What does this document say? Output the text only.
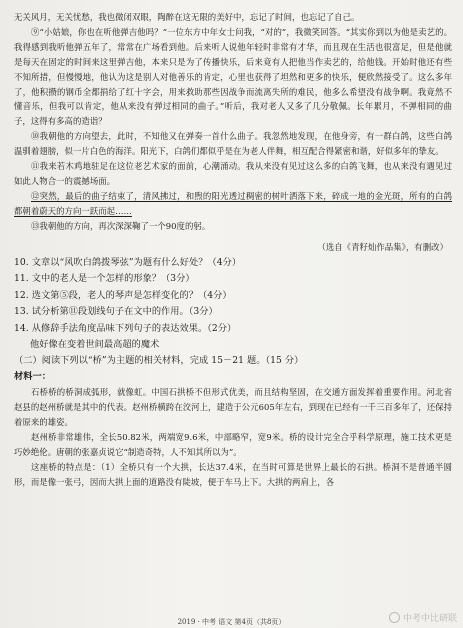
无关风月，无关忧愁，我也微闭双眼，陶醉在这无限的美好中，忘记了时间，也忘记了自己。

⑨“小姑娘，你也在听他弹吉他吗？”一位东方中年女士问我，“对的”，我微笑回答。“其实你到以为他是卖艺的。我得感到我听他弹五年了，常常在广场看到他。后来听人说他年轻时非常有才华，而且现在生活也很富足，但是他就是每天在固定的时间来这里弹吉他，本来只是为了传播快乐，后来竟有人把他当作卖艺的，给他钱。开始时他还有些不知所措，但慢慢地，他认为这是别人对他善乐的肯定，心里也获得了坦然和更多的快乐，便欣然接受了。这么多年了，他积攒的钢币全都捐给了红十字会，用来救助那些因战争而流离失所的难民，他多么希望没有战争啊。我竟然不懂音乐，但我可以肯定，他从来没有弹过相同的曲子。”听后，我对老人又多了几分敬佩。长年累月，不弹相同的曲子，这得有多高的造诣？

⑩我朝他的方向望去，此时，不知他又在弹奏一首什么曲子。我忽然地发现，在他身旁，有一群白鸽，这些白鸽温驯着翅膀，似一片白色的海洋。阳光下，白鸽们都似乎是在为老人伴舞，相互配合得紧密和谐，好似多年的挚友。

⑪我来若木鸡地驻足在这位老艺术家的面前，心潮涌动。我从来没有见过这么多的白鸽飞舞，也从来没有遇见过如此人物合一的震撼场面。

⑫突然，最后的曲子结束了，清风拂过，和煦的阳光透过稠密的树叶洒落下来，碎成一地的金光斑，所有的白鸽都朝着蔚天的方向一跃而起……

⑬我朝他的方向，再次深深鞠了一个90度的躬。

（选自《青籽灿作品集》，有删改）

10. 文章以“风吹白鸽拨琴弦”为题有什么好处？（4分）
11. 文中的老人是一个怎样的形象？（3分）
12. 选文第⑤段，老人的琴声是怎样变化的？（4分）
13. 试分析第⑪段划线句子在文中的作用。（3分）
14. 从修辞手法角度品味下列句子的表达效果。（2分）
他好像在变着世间最高超的魔术
（二）阅读下列以“桥”为主题的相关材料，完成 15－21 题。（15 分）
材料一：

石桥桥的桥洞成弧形，就像虹。中国石拱桥不但形式优美，而且结构坚固，在交通方面发挥着重要作用。河北省赵县的赵州桥就是其中的代表。赵州桥横跨在洨河上，建造于公元605年左右，到现在已经有一千三百多年了，还保持着原来的雄姿。

赵州桥非常雄伟，全长50.82米，两端宽9.6米，中部略窄，宽9米。桥的设计完全合乎科学原理，施工技术更是巧妙绝伦。唐朝的张嘉贞说它“制造奇特，人不知其所以为”。

这座桥的特点是：（1）全桥只有一个大拱，长达37.4米，在当时可算是世界上最长的石拱。桥洞不是普通半圆形，而是像一张弓，因而大拱上面的道路没有陡坡，便于车马上下。大拱的两肩上，各

2019 · 中考 语文 第4页（共8页）	中考中比研联
